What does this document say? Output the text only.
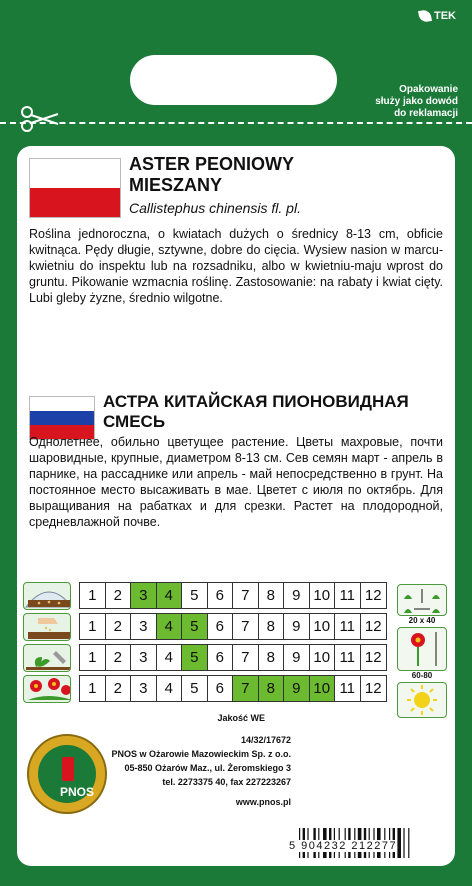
TEK
Opakowanie
służy jako dowód
do reklamacji
ASTER PEONIOWY
MIESZANY
Callistephus chinensis fl. pl.
Roślina jednoroczna, o kwiatach dużych o średnicy 8-13 cm, obficie kwitnąca. Pędy długie, sztywne, dobre do cięcia. Wysiew nasion w marcu-kwietniu do inspektu lub na rozsadniku, albo w kwietniu-maju wprost do gruntu. Pikowanie wzmacnia roślinę. Zastosowanie: na rabaty i kwiat cięty. Lubi gleby żyzne, średnio wilgotne.
АСТРА КИТАЙСКАЯ ПИОНОВИДНАЯ СМЕСЬ
Однолетнее, обильно цветущее растение. Цветы махровые, почти шаровидные, крупные, диаметром 8-13 см. Сев семян март - апрель в парнике, на рассаднике или апрель - май непосредственно в грунт. На постоянное место высаживать в мае. Цветет с июля по октябрь. Для выращивания на рабатках и для срезки. Растет на плодородной, средневлажной почве.
1	2	3	4	5	6	7	8	9 10 11 12
1	2	3	4	5	6	7	8	9 10 11 12
1	2	3	4	5	6	7	8	9 10 11 12
1	2	3	4	5	6	7	8	9 10 11 12
20 x 40
60-80
PNOS
Jakość WE
14/32/17672
PNOS w Ożarowie Mazowieckim Sp. z o.o.
05-850 Ożarów Maz., ul. Żeromskiego 3
tel. 2273375 40, fax 227223267
www.pnos.pl
5 904232 212277
